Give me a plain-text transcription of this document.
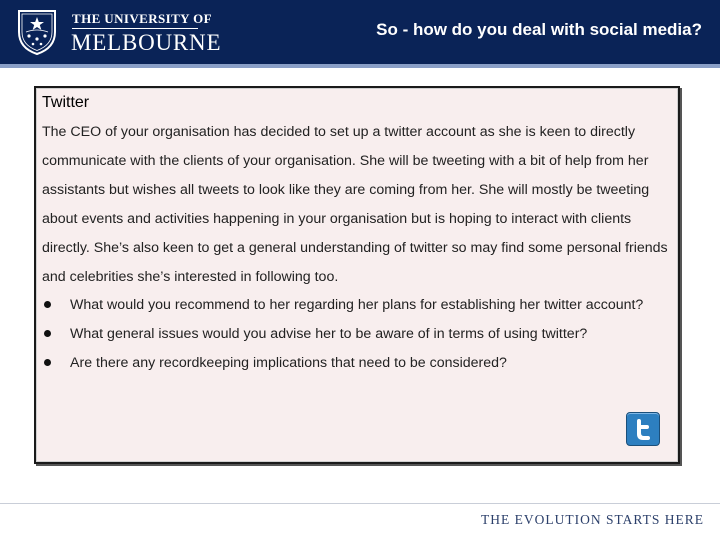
THE UNIVERSITY OF
MELBOURNE
So - how do you deal with social media?
Twitter
The CEO of your organisation has decided to set up a twitter account as she is keen to directly communicate with the clients of your organisation. She will be tweeting with a bit of help from her assistants but wishes all tweets to look like they are coming from her. She will mostly be tweeting about events and activities happening in your organisation but is hoping to interact with clients directly. She’s also keen to get a general understanding of twitter so may find some personal friends and celebrities she’s interested in following too.
What would you recommend to her regarding her plans for establishing her twitter account?
What general issues would you advise her to be aware of in terms of using twitter?
Are there any recordkeeping implications that need to be considered?
THE EVOLUTION STARTS HERE
